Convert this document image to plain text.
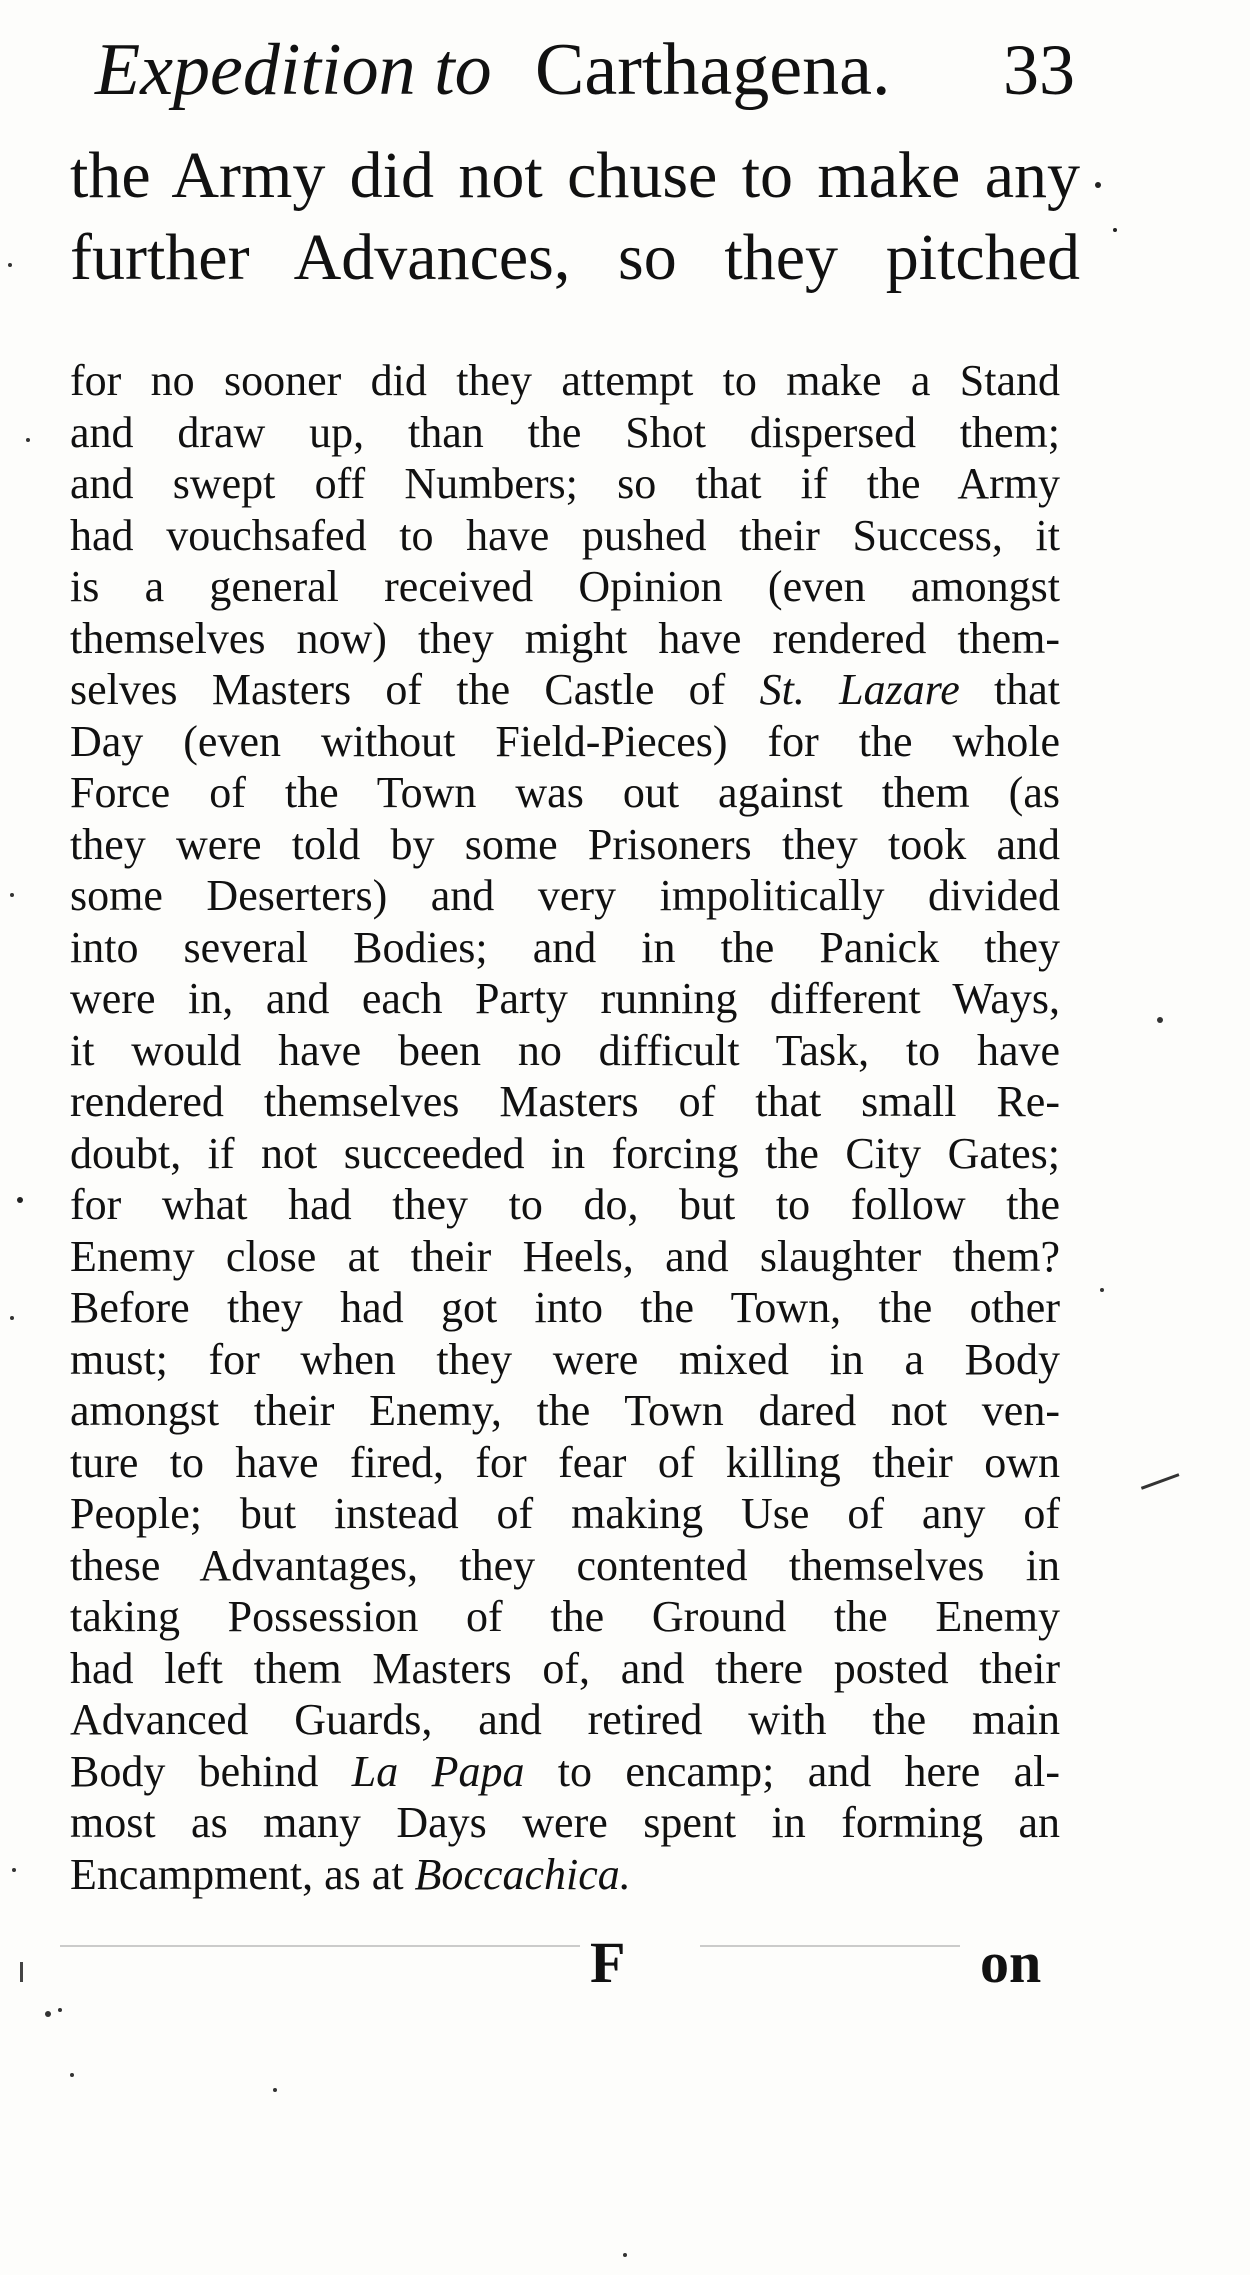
Expedition to Carthagena. 33
the Army did not chuse to make any
further Advances, so they pitched
for no sooner did they attempt to make a Stand
and draw up, than the Shot dispersed them;
and swept off Numbers; so that if the Army
had vouchsafed to have pushed their Success, it
is a general received Opinion (even amongst
themselves now) they might have rendered them-
selves Masters of the Castle of St. Lazare that
Day (even without Field-Pieces) for the whole
Force of the Town was out against them (as
they were told by some Prisoners they took and
some Deserters) and very impolitically divided
into several Bodies; and in the Panick they
were in, and each Party running different Ways,
it would have been no difficult Task, to have
rendered themselves Masters of that small Re-
doubt, if not succeeded in forcing the City Gates;
for what had they to do, but to follow the
Enemy close at their Heels, and slaughter them?
Before they had got into the Town, the other
must; for when they were mixed in a Body
amongst their Enemy, the Town dared not ven-
ture to have fired, for fear of killing their own
People; but instead of making Use of any of
these Advantages, they contented themselves in
taking Possession of the Ground the Enemy
had left them Masters of, and there posted their
Advanced Guards, and retired with the main
Body behind La Papa to encamp; and here al-
most as many Days were spent in forming an
Encampment, as at Boccachica.
F	on
